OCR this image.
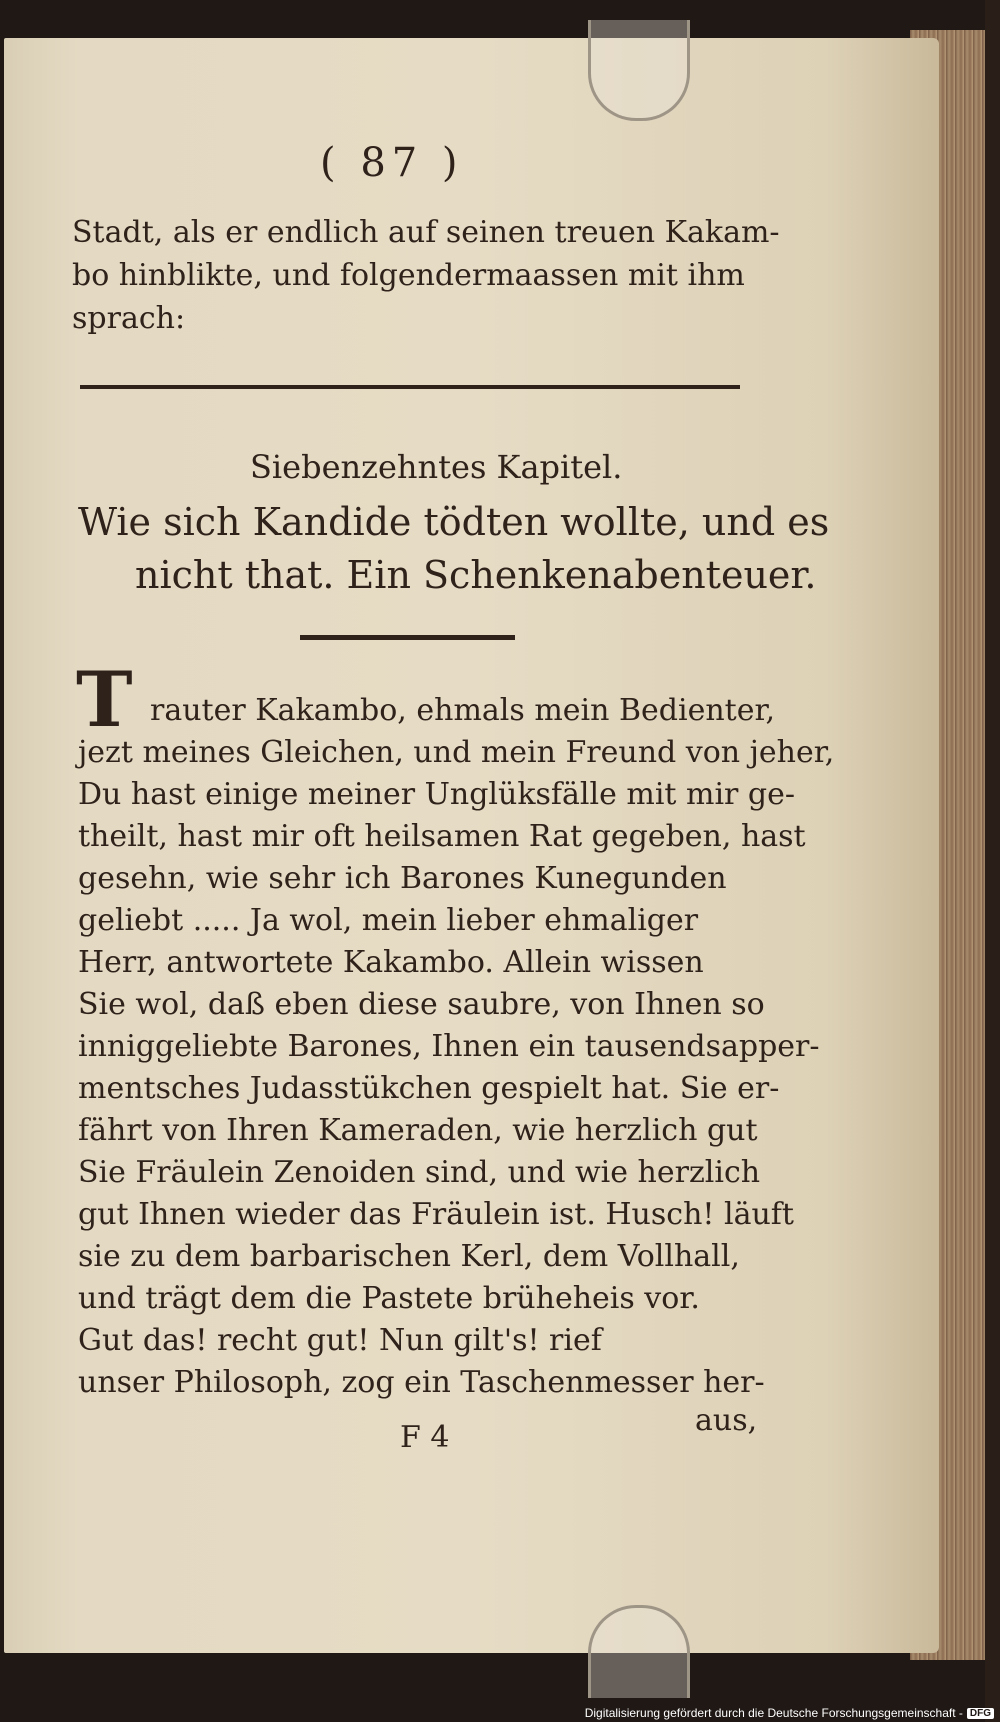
( 87 )
Stadt, als er endlich auf seinen treuen Kakam-
bo hinblikte, und folgendermaassen mit ihm
sprach:
Siebenzehntes Kapitel.
Wie sich Kandide tödten wollte, und es
nicht that. Ein Schenkenabenteuer.
T rauter Kakambo, ehmals mein Bedienter,
jezt meines Gleichen, und mein Freund von jeher,
Du hast einige meiner Unglüksfälle mit mir ge-
theilt, hast mir oft heilsamen Rat gegeben, hast
gesehn, wie sehr ich Barones Kunegunden
geliebt ..... Ja wol, mein lieber ehmaliger
Herr, antwortete Kakambo. Allein wissen
Sie wol, daß eben diese saubre, von Ihnen so
inniggeliebte Barones, Ihnen ein tausendsapper-
mentsches Judasstükchen gespielt hat. Sie er-
fährt von Ihren Kameraden, wie herzlich gut
Sie Fräulein Zenoiden sind, und wie herzlich
gut Ihnen wieder das Fräulein ist. Husch! läuft
sie zu dem barbarischen Kerl, dem Vollhall,
und trägt dem die Pastete brüheheis vor.
Gut das! recht gut! Nun gilt's! rief
unser Philosoph, zog ein Taschenmesser her-
F 4	aus,
Digitalisierung gefördert durch die Deutsche Forschungsgemeinschaft - DFG
